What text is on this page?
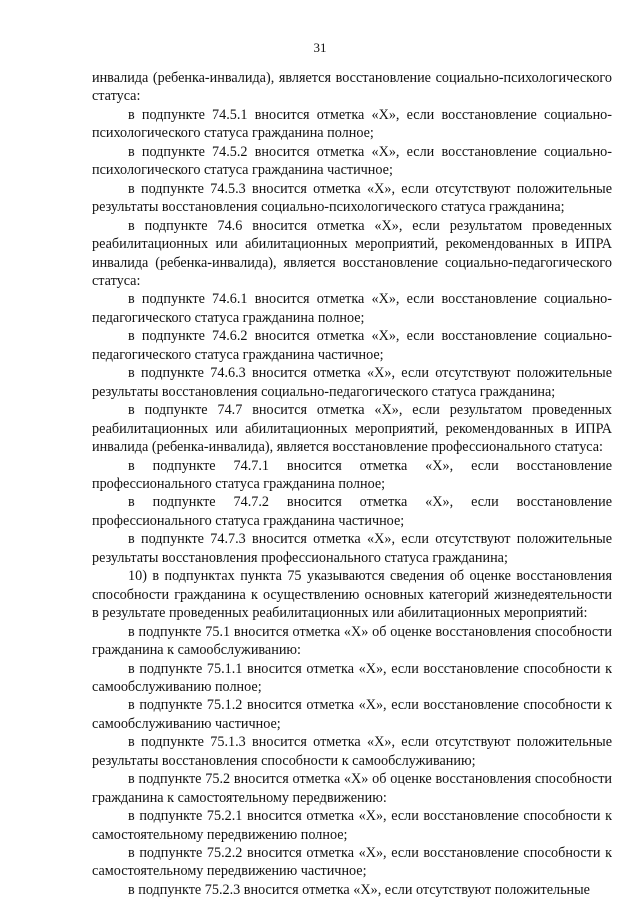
31

инвалида (ребенка-инвалида), является восстановление социально-психологического статуса:

в подпункте 74.5.1 вносится отметка «X», если восстановление социально-психологического статуса гражданина полное;

в подпункте 74.5.2 вносится отметка «X», если восстановление социально-психологического статуса гражданина частичное;

в подпункте 74.5.3 вносится отметка «X», если отсутствуют положительные результаты восстановления социально-психологического статуса гражданина;

в подпункте 74.6 вносится отметка «X», если результатом проведенных реабилитационных или абилитационных мероприятий, рекомендованных в ИПРА инвалида (ребенка-инвалида), является восстановление социально-педагогического статуса:

в подпункте 74.6.1 вносится отметка «X», если восстановление социально-педагогического статуса гражданина полное;

в подпункте 74.6.2 вносится отметка «X», если восстановление социально-педагогического статуса гражданина частичное;

в подпункте 74.6.3 вносится отметка «X», если отсутствуют положительные результаты восстановления социально-педагогического статуса гражданина;

в подпункте 74.7 вносится отметка «X», если результатом проведенных реабилитационных или абилитационных мероприятий, рекомендованных в ИПРА инвалида (ребенка-инвалида), является восстановление профессионального статуса:

в подпункте 74.7.1 вносится отметка «X», если восстановление профессионального статуса гражданина полное;

в подпункте 74.7.2 вносится отметка «X», если восстановление профессионального статуса гражданина частичное;

в подпункте 74.7.3 вносится отметка «X», если отсутствуют положительные результаты восстановления профессионального статуса гражданина;

10) в подпунктах пункта 75 указываются сведения об оценке восстановления способности гражданина к осуществлению основных категорий жизнедеятельности в результате проведенных реабилитационных или абилитационных мероприятий:

в подпункте 75.1 вносится отметка «X» об оценке восстановления способности гражданина к самообслуживанию:

в подпункте 75.1.1 вносится отметка «X», если восстановление способности к самообслуживанию полное;

в подпункте 75.1.2 вносится отметка «X», если восстановление способности к самообслуживанию частичное;

в подпункте 75.1.3 вносится отметка «X», если отсутствуют положительные результаты восстановления способности к самообслуживанию;

в подпункте 75.2 вносится отметка «X» об оценке восстановления способности гражданина к самостоятельному передвижению:

в подпункте 75.2.1 вносится отметка «X», если восстановление способности к самостоятельному передвижению полное;

в подпункте 75.2.2 вносится отметка «X», если восстановление способности к самостоятельному передвижению частичное;

в подпункте 75.2.3 вносится отметка «X», если отсутствуют положительные
